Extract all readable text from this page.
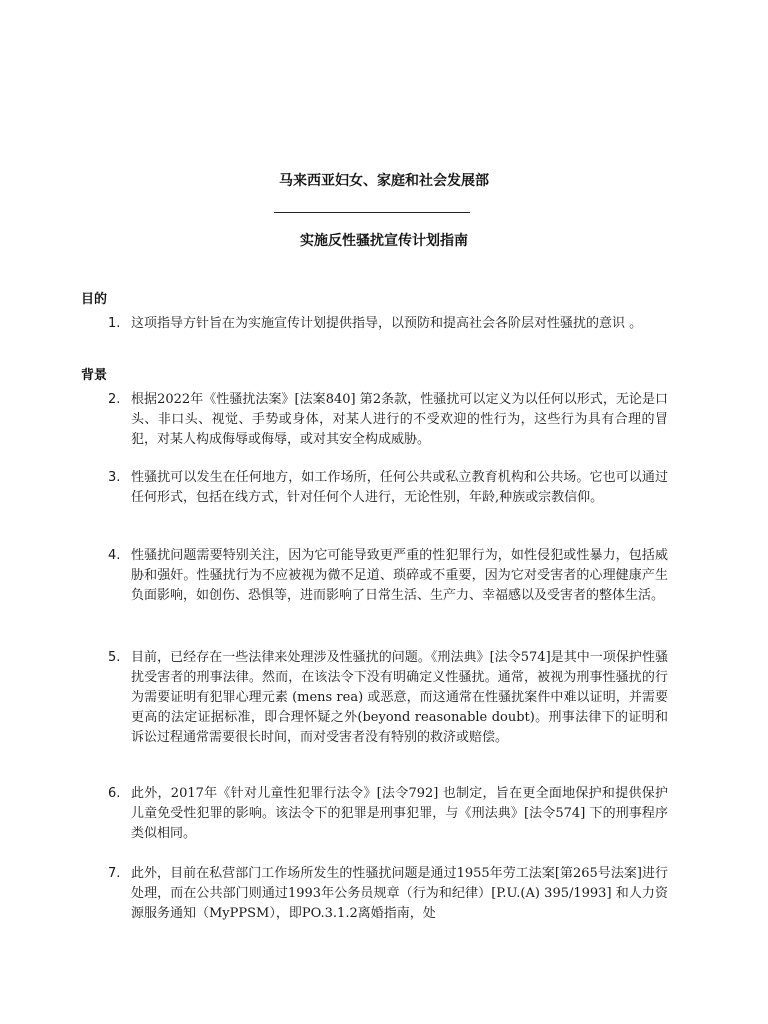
马来西亚妇女、家庭和社会发展部
实施反性骚扰宣传计划指南
目的
1. 这项指导方针旨在为实施宣传计划提供指导，以预防和提高社会各阶层对性骚扰的意识 。
背景
2. 根据2022年《性骚扰法案》[法案840] 第2条款，性骚扰可以定义为以任何以形式，无论是口头、非口头、视觉、手势或身体，对某人进行的不受欢迎的性行为，这些行为具有合理的冒犯，对某人构成侮辱或侮辱，或对其安全构成威胁。
3. 性骚扰可以发生在任何地方，如工作场所，任何公共或私立教育机构和公共场。它也可以通过任何形式，包括在线方式，针对任何个人进行，无论性别，年龄,种族或宗教信仰。
4. 性骚扰问题需要特别关注，因为它可能导致更严重的性犯罪行为，如性侵犯或性暴力，包括威胁和强奸。性骚扰行为不应被视为微不足道、琐碎或不重要，因为它对受害者的心理健康产生负面影响，如创伤、恐惧等，进而影响了日常生活、生产力、幸福感以及受害者的整体生活。
5. 目前，已经存在一些法律来处理涉及性骚扰的问题。《刑法典》[法令574]是其中一项保护性骚扰受害者的刑事法律。然而，在该法令下没有明确定义性骚扰。通常，被视为刑事性骚扰的行为需要证明有犯罪心理元素 (mens rea) 或恶意，而这通常在性骚扰案件中难以证明，并需要更高的法定证据标准，即合理怀疑之外(beyond reasonable doubt)。刑事法律下的证明和诉讼过程通常需要很长时间，而对受害者没有特别的救济或赔偿。
6. 此外，2017年《针对儿童性犯罪行法令》[法令792] 也制定，旨在更全面地保护和提供保护儿童免受性犯罪的影响。该法令下的犯罪是刑事犯罪，与《刑法典》[法令574] 下的刑事程序类似相同。
7. 此外，目前在私营部门工作场所发生的性骚扰问题是通过1955年劳工法案[第265号法案]进行处理，而在公共部门则通过1993年公务员规章（行为和纪律）[P.U.(A) 395/1993] 和人力资源服务通知（MyPPSM），即PO.3.1.2离婚指南，处
